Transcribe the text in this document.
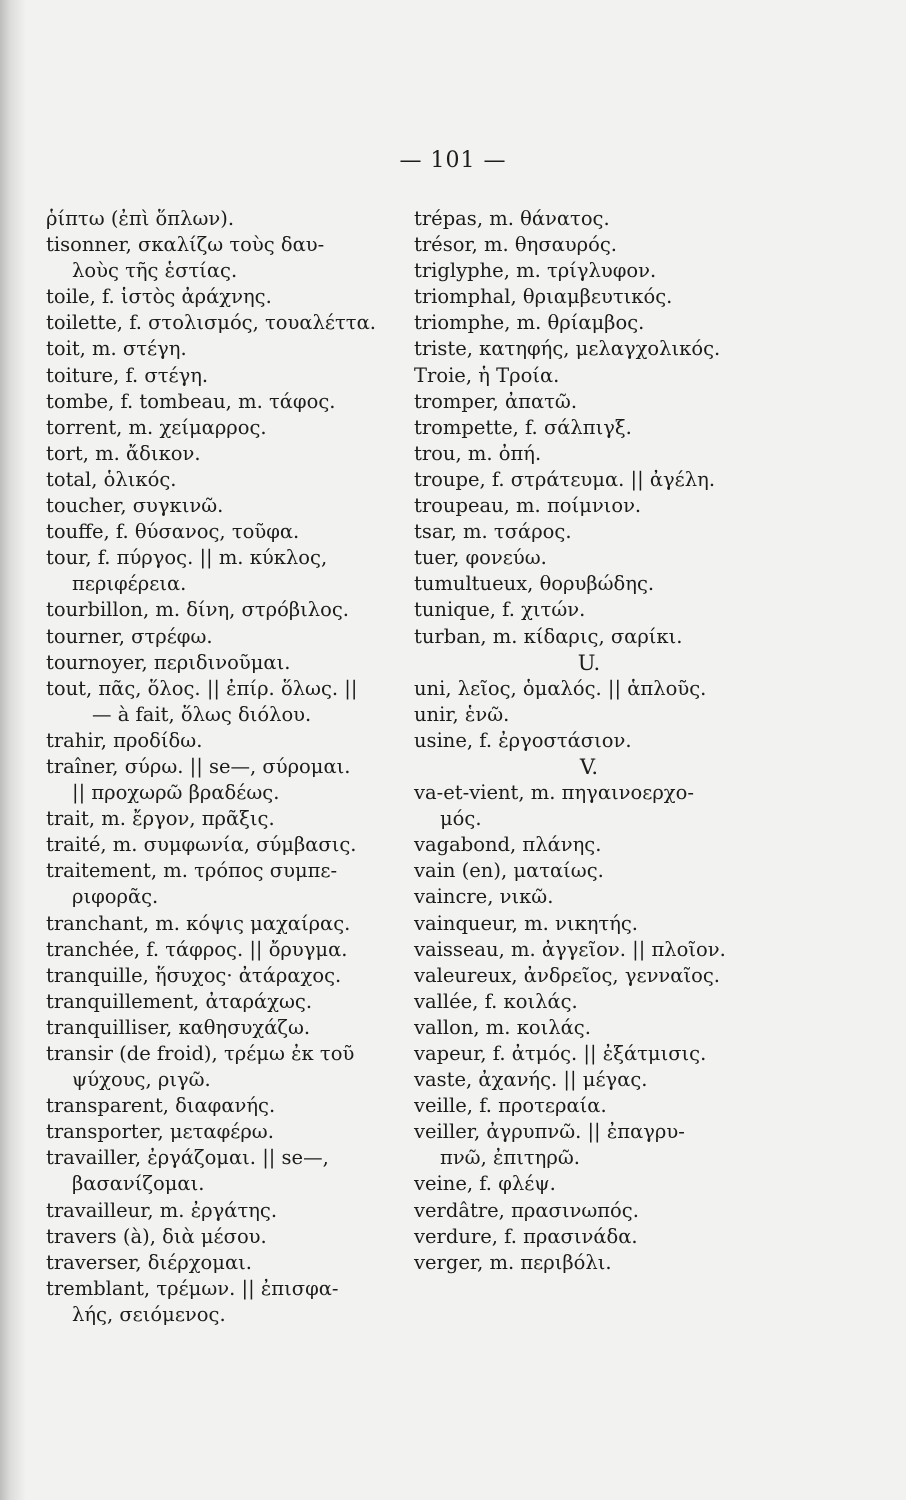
— 101 —
ῥίπτω (ἐπὶ ὅπλων).
tisonner, σκαλίζω τοὺς δαυ-
λοὺς τῆς ἑστίας.
toile, f. ἱστὸς ἀράχνης.
toilette, f. στολισμός, τουαλέττα.
toit, m. στέγη.
toiture, f. στέγη.
tombe, f. tombeau, m. τάφος.
torrent, m. χείμαρρος.
tort, m. ἄδικον.
total, ὁλικός.
toucher, συγκινῶ.
touffe, f. θύσανος, τοῦφα.
tour, f. πύργος. || m. κύκλος,
περιφέρεια.
tourbillon, m. δίνη, στρόβιλος.
tourner, στρέφω.
tournoyer, περιδινοῦμαι.
tout, πᾶς, ὅλος. || ἐπίρ. ὅλως. ||
— à fait, ὅλως διόλου.
trahir, προδίδω.
traîner, σύρω. || se—, σύρομαι.
|| προχωρῶ βραδέως.
trait, m. ἔργον, πρᾶξις.
traité, m. συμφωνία, σύμβασις.
traitement, m. τρόπος συμπε-
ριφορᾶς.
tranchant, m. κόψις μαχαίρας.
tranchée, f. τάφρος. || ὄρυγμα.
tranquille, ἥσυχος· ἀτάραχος.
tranquillement, ἀταράχως.
tranquilliser, καθησυχάζω.
transir (de froid), τρέμω ἐκ τοῦ
ψύχους, ριγῶ.
transparent, διαφανής.
transporter, μεταφέρω.
travailler, ἐργάζομαι. || se—,
βασανίζομαι.
travailleur, m. ἐργάτης.
travers (à), διὰ μέσου.
traverser, διέρχομαι.
tremblant, τρέμων. || ἐπισφα-
λής, σειόμενος.
trépas, m. θάνατος.
trésor, m. θησαυρός.
triglyphe, m. τρίγλυφον.
triomphal, θριαμβευτικός.
triomphe, m. θρίαμβος.
triste, κατηφής, μελαγχολικός.
Troie, ἡ Τροία.
tromper, ἀπατῶ.
trompette, f. σάλπιγξ.
trou, m. ὀπή.
troupe, f. στράτευμα. || ἀγέλη.
troupeau, m. ποίμνιον.
tsar, m. τσάρος.
tuer, φονεύω.
tumultueux, θορυβώδης.
tunique, f. χιτών.
turban, m. κίδαρις, σαρίκι.
U.
uni, λεῖος, ὁμαλός. || ἁπλοῦς.
unir, ἑνῶ.
usine, f. ἐργοστάσιον.
V.
va-et-vient, m. πηγαινοερχο-
μός.
vagabond, πλάνης.
vain (en), ματαίως.
vaincre, νικῶ.
vainqueur, m. νικητής.
vaisseau, m. ἀγγεῖον. || πλοῖον.
valeureux, ἀνδρεῖος, γενναῖος.
vallée, f. κοιλάς.
vallon, m. κοιλάς.
vapeur, f. ἀτμός. || ἐξάτμισις.
vaste, ἀχανής. || μέγας.
veille, f. προτεραία.
veiller, ἀγρυπνῶ. || ἐπαγρυ-
πνῶ, ἐπιτηρῶ.
veine, f. φλέψ.
verdâtre, πρασινωπός.
verdure, f. πρασινάδα.
verger, m. περιβόλι.
